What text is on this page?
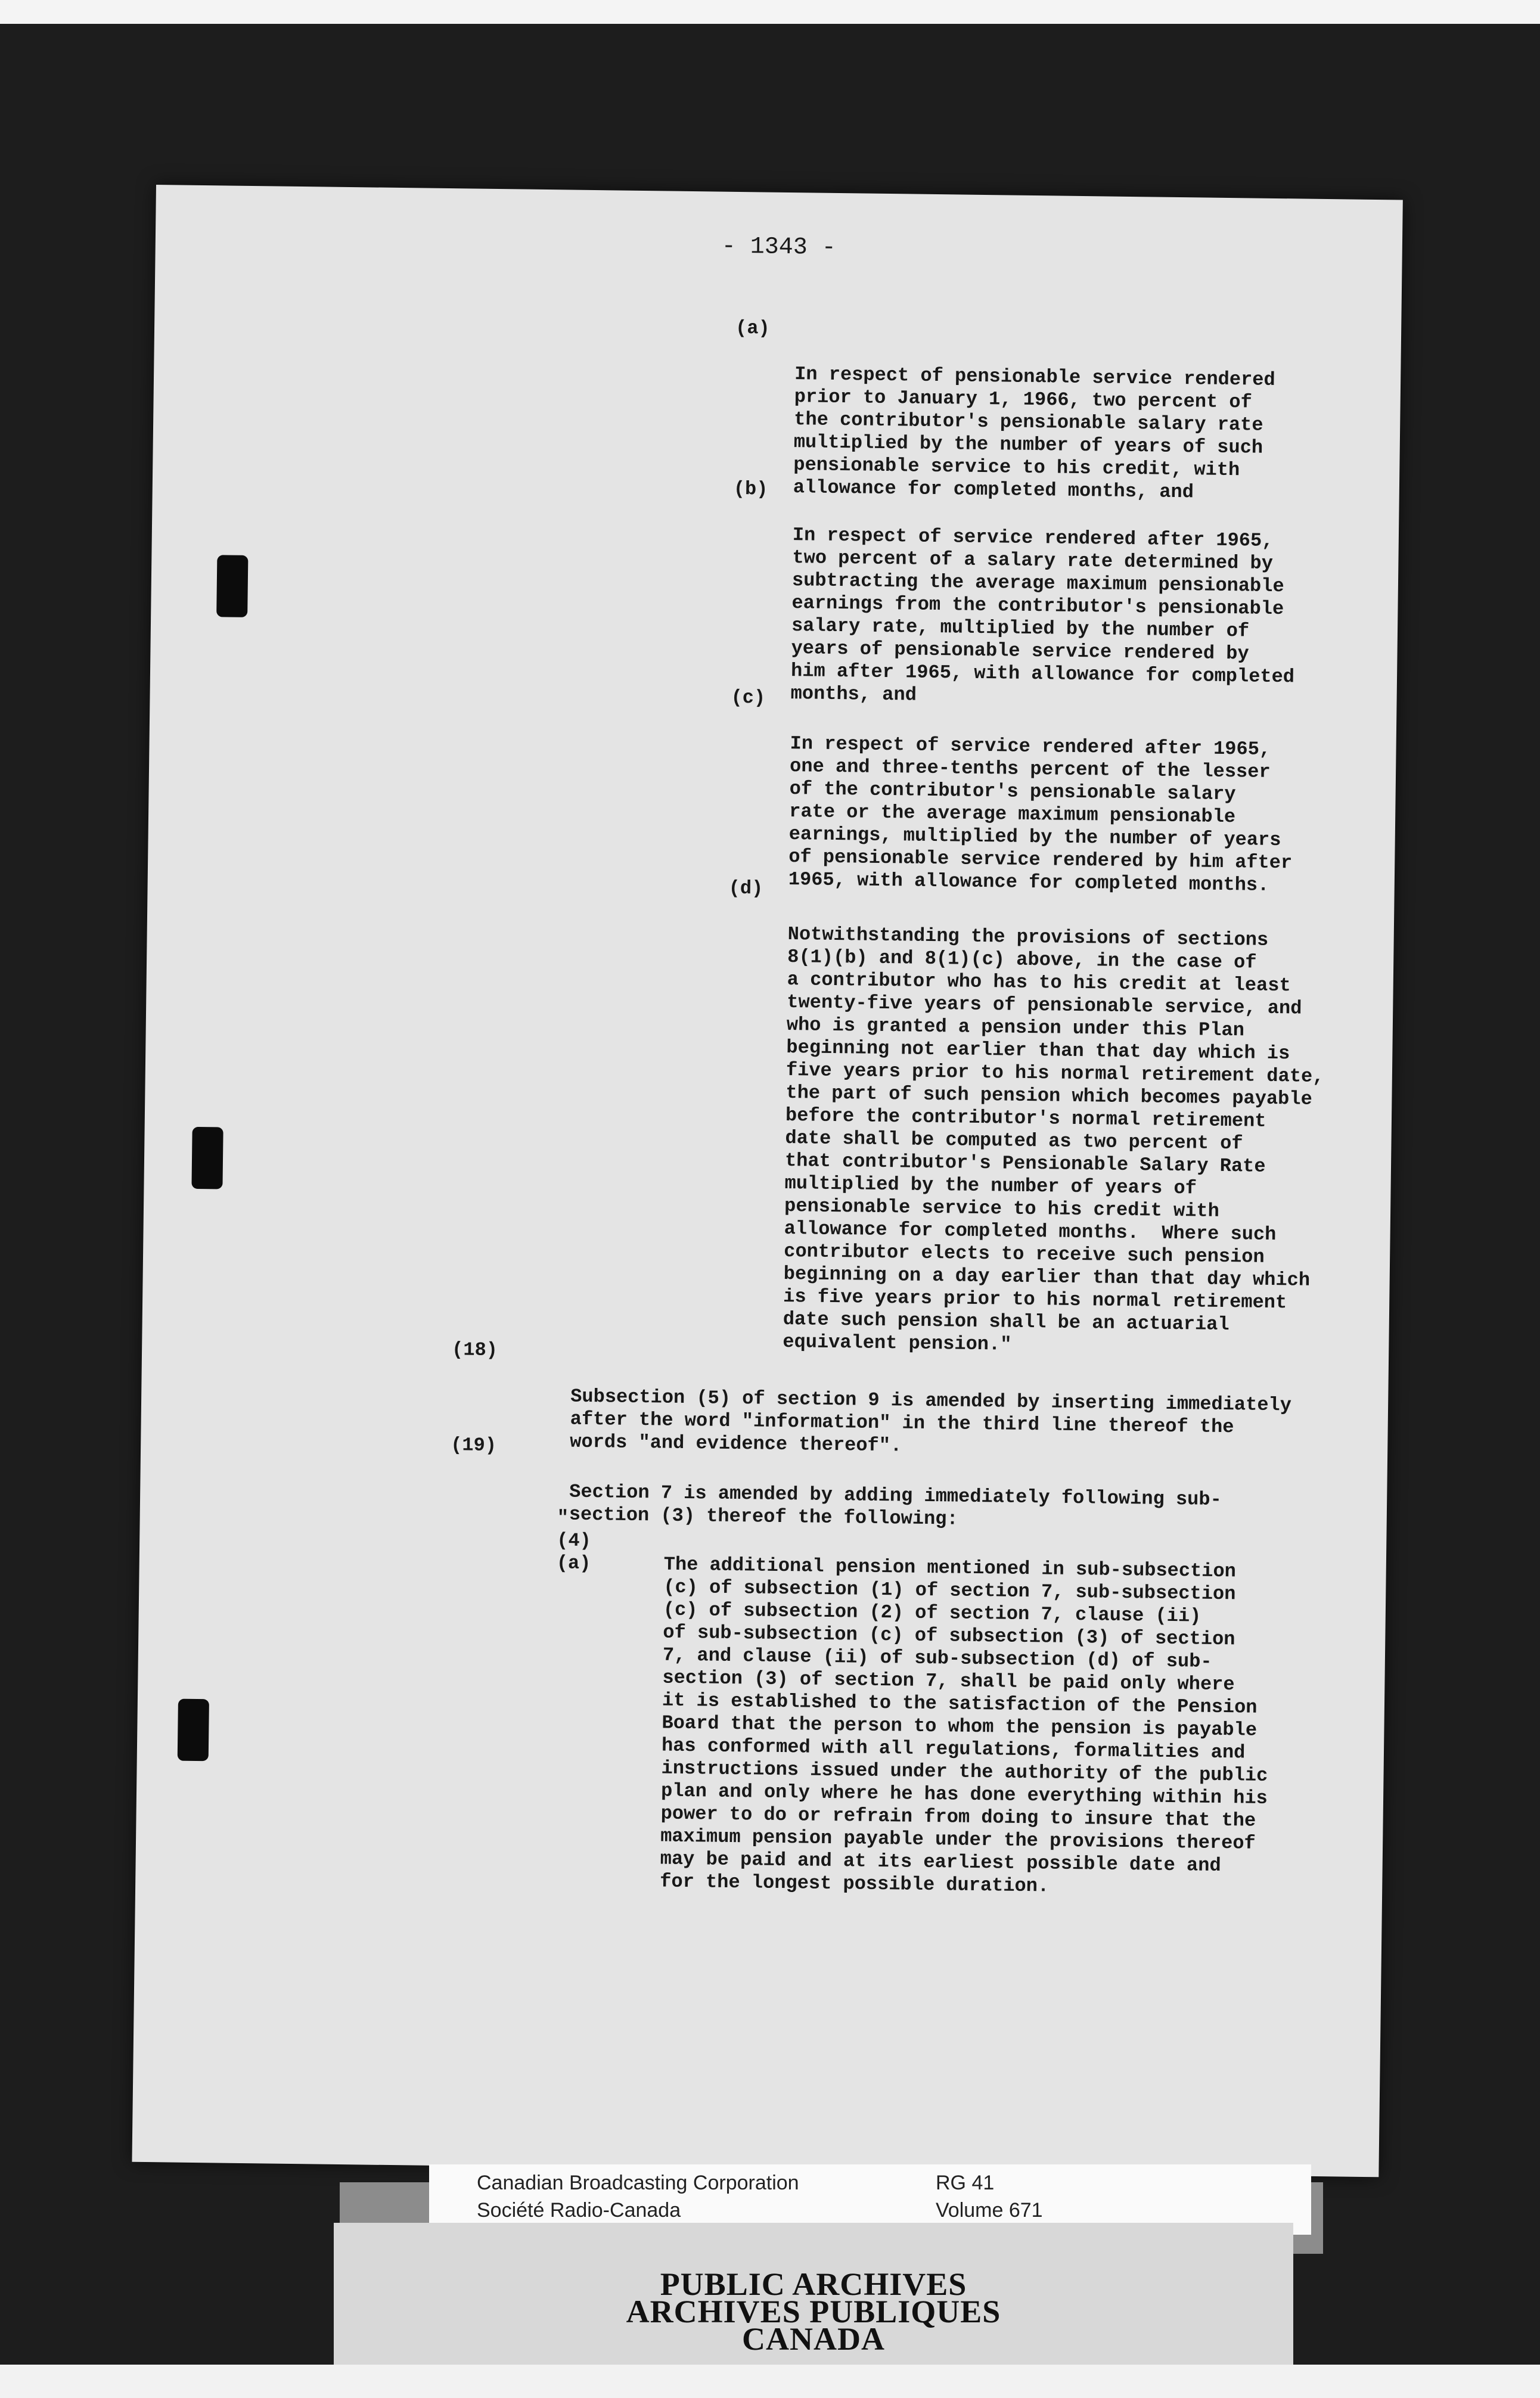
- 1343 -
(a)

In respect of pensionable service rendered
prior to January 1, 1966, two percent of
the contributor's pensionable salary rate
multiplied by the number of years of such
pensionable service to his credit, with
allowance for completed months, and

(b)

In respect of service rendered after 1965,
two percent of a salary rate determined by
subtracting the average maximum pensionable
earnings from the contributor's pensionable
salary rate, multiplied by the number of
years of pensionable service rendered by
him after 1965, with allowance for completed
months, and

(c)

In respect of service rendered after 1965,
one and three-tenths percent of the lesser
of the contributor's pensionable salary
rate or the average maximum pensionable
earnings, multiplied by the number of years
of pensionable service rendered by him after
1965, with allowance for completed months.

(d)

Notwithstanding the provisions of sections
8(1)(b) and 8(1)(c) above, in the case of
a contributor who has to his credit at least
twenty-five years of pensionable service, and
who is granted a pension under this Plan
beginning not earlier than that day which is
five years prior to his normal retirement date,
the part of such pension which becomes payable
before the contributor's normal retirement
date shall be computed as two percent of
that contributor's Pensionable Salary Rate
multiplied by the number of years of
pensionable service to his credit with
allowance for completed months.  Where such
contributor elects to receive such pension
beginning on a day earlier than that day which
is five years prior to his normal retirement
date such pension shall be an actuarial
equivalent pension."

(18)

Subsection (5) of section 9 is amended by inserting immediately
after the word "information" in the third line thereof the
words "and evidence thereof".

(19)

Section 7 is amended by adding immediately following sub-
section (3) thereof the following:

"(4)(a)

	The additional pension mentioned in sub-subsection
(c) of subsection (1) of section 7, sub-subsection
(c) of subsection (2) of section 7, clause (ii)
of sub-subsection (c) of subsection (3) of section
7, and clause (ii) of sub-subsection (d) of sub-
section (3) of section 7, shall be paid only where
it is established to the satisfaction of the Pension
Board that the person to whom the pension is payable
has conformed with all regulations, formalities and
instructions issued under the authority of the public
plan and only where he has done everything within his
power to do or refrain from doing to insure that the
maximum pension payable under the provisions thereof
may be paid and at its earliest possible date and
for the longest possible duration.

Canadian Broadcasting Corporation
Société Radio-Canada
RG 41
Volume 671
PUBLIC ARCHIVES
ARCHIVES PUBLIQUES
CANADA
